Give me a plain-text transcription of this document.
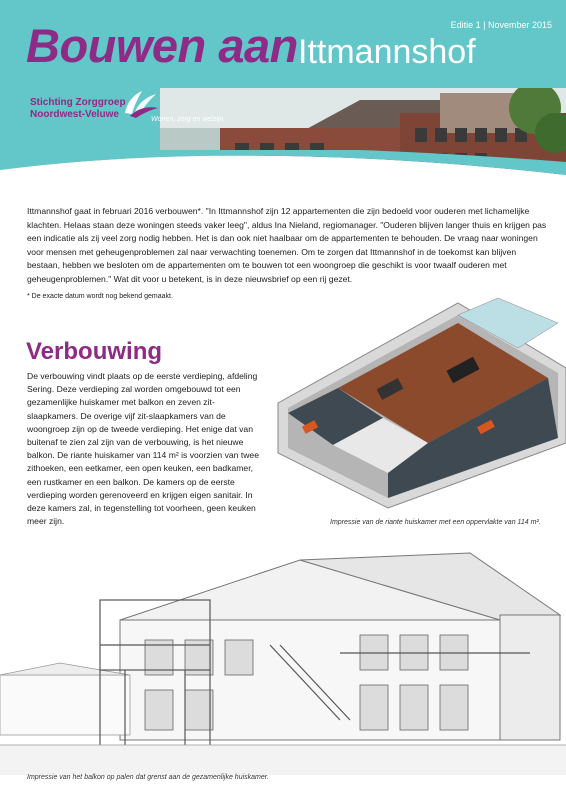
Editie 1 | November 2015
Bouwen aan Ittmannshof
Stichting Zorggroep
Noordwest-Veluwe	Wonen, zorg en welzijn
Ittmannshof gaat in februari 2016 verbouwen*. "In Ittmannshof zijn 12 appartementen die zijn bedoeld voor ouderen met lichamelijke klachten. Helaas staan deze woningen steeds vaker leeg", aldus Ina Nieland, regiomanager. "Ouderen blijven langer thuis en krijgen pas een indicatie als zij veel zorg nodig hebben. Het is dan ook niet haalbaar om de appartementen te behouden. De vraag naar woningen voor mensen met geheugenproblemen zal naar verwachting toenemen. Om te zorgen dat Ittmannshof in de toekomst kan blijven bestaan, hebben we besloten om de appartementen om te bouwen tot een woongroep die geschikt is voor twaalf ouderen met geheugenproblemen." Wat dit voor u betekent, is in deze nieuwsbrief op een rij gezet.
* De exacte datum wordt nog bekend gemaakt.
Verbouwing
De verbouwing vindt plaats op de eerste verdieping, afdeling Sering. Deze verdieping zal worden omgebouwd tot een gezamenlijke huiskamer met balkon en zeven zit-slaapkamers. De overige vijf zit-slaapkamers van de woongroep zijn op de tweede verdieping. Het enige dat van buitenaf te zien zal zijn van de verbouwing, is het nieuwe balkon. De riante huiskamer van 114 m² is voorzien van twee zithoeken, een eetkamer, een open keuken, een badkamer, een rustkamer en een balkon. De kamers op de eerste verdieping worden gerenoveerd en krijgen eigen sanitair. In deze kamers zal, in tegenstelling tot voorheen, geen keuken meer zijn.	Impressie van de riante huiskamer met een oppervlakte van 114 m².
Impressie van het balkon op palen dat grenst aan de gezamenlijke huiskamer.
